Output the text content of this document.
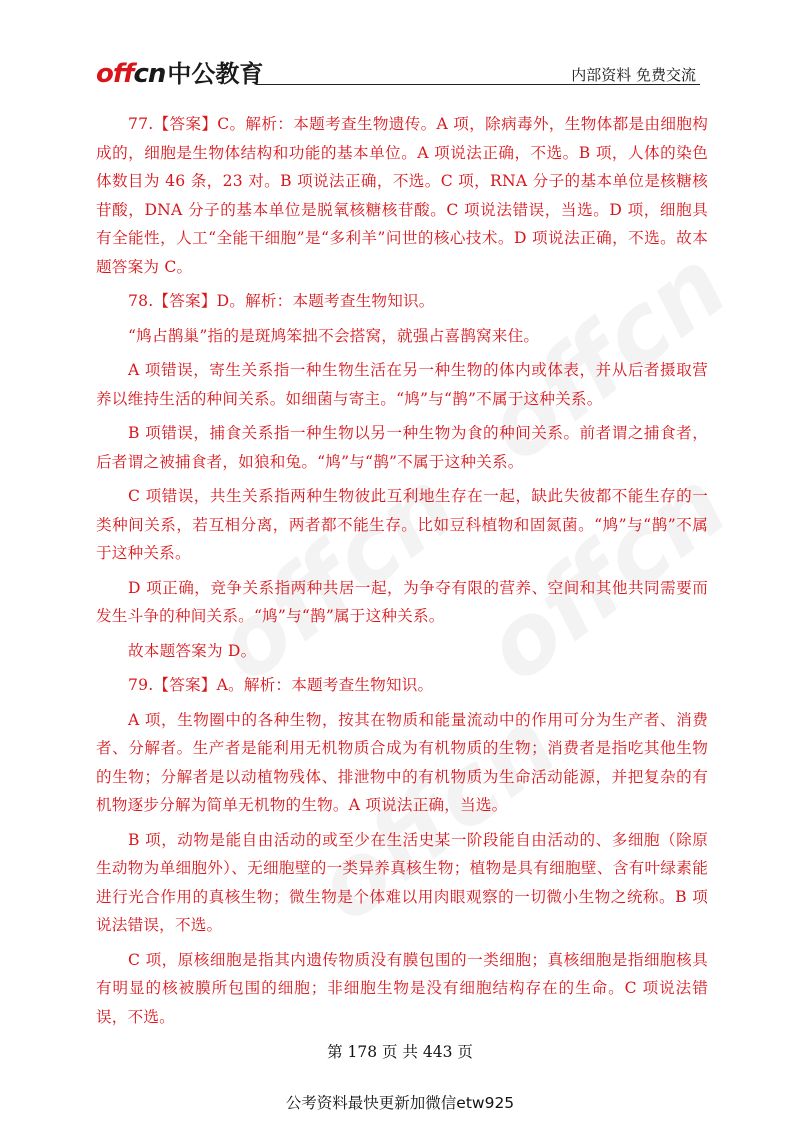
offcn中公教育	内部资料 免费交流

77.【答案】C。解析：本题考查生物遗传。A 项，除病毒外，生物体都是由细胞构成的，细胞是生物体结构和功能的基本单位。A 项说法正确，不选。B 项，人体的染色体数目为 46 条，23 对。B 项说法正确，不选。C 项，RNA 分子的基本单位是核糖核苷酸，DNA 分子的基本单位是脱氧核糖核苷酸。C 项说法错误，当选。D 项，细胞具有全能性，人工“全能干细胞”是“多利羊”问世的核心技术。D 项说法正确，不选。故本题答案为 C。

78.【答案】D。解析：本题考查生物知识。

“鸠占鹊巢”指的是斑鸠笨拙不会搭窝，就强占喜鹊窝来住。

A 项错误，寄生关系指一种生物生活在另一种生物的体内或体表，并从后者摄取营养以维持生活的种间关系。如细菌与寄主。“鸠”与“鹊”不属于这种关系。

B 项错误，捕食关系指一种生物以另一种生物为食的种间关系。前者谓之捕食者，后者谓之被捕食者，如狼和兔。“鸠”与“鹊”不属于这种关系。

C 项错误，共生关系指两种生物彼此互利地生存在一起，缺此失彼都不能生存的一类种间关系，若互相分离，两者都不能生存。比如豆科植物和固氮菌。“鸠”与“鹊”不属于这种关系。

D 项正确，竞争关系指两种共居一起，为争夺有限的营养、空间和其他共同需要而发生斗争的种间关系。“鸠”与“鹊”属于这种关系。

故本题答案为 D。

79.【答案】A。解析：本题考查生物知识。

A 项，生物圈中的各种生物，按其在物质和能量流动中的作用可分为生产者、消费者、分解者。生产者是能利用无机物质合成为有机物质的生物；消费者是指吃其他生物的生物；分解者是以动植物残体、排泄物中的有机物质为生命活动能源，并把复杂的有机物逐步分解为简单无机物的生物。A 项说法正确，当选。

B 项，动物是能自由活动的或至少在生活史某一阶段能自由活动的、多细胞（除原生动物为单细胞外）、无细胞壁的一类异养真核生物；植物是具有细胞壁、含有叶绿素能进行光合作用的真核生物；微生物是个体难以用肉眼观察的一切微小生物之统称。B 项说法错误，不选。

C 项，原核细胞是指其内遗传物质没有膜包围的一类细胞；真核细胞是指细胞核具有明显的核被膜所包围的细胞；非细胞生物是没有细胞结构存在的生命。C 项说法错误，不选。

第 178 页 共 443 页
公考资料最快更新加微信etw925
